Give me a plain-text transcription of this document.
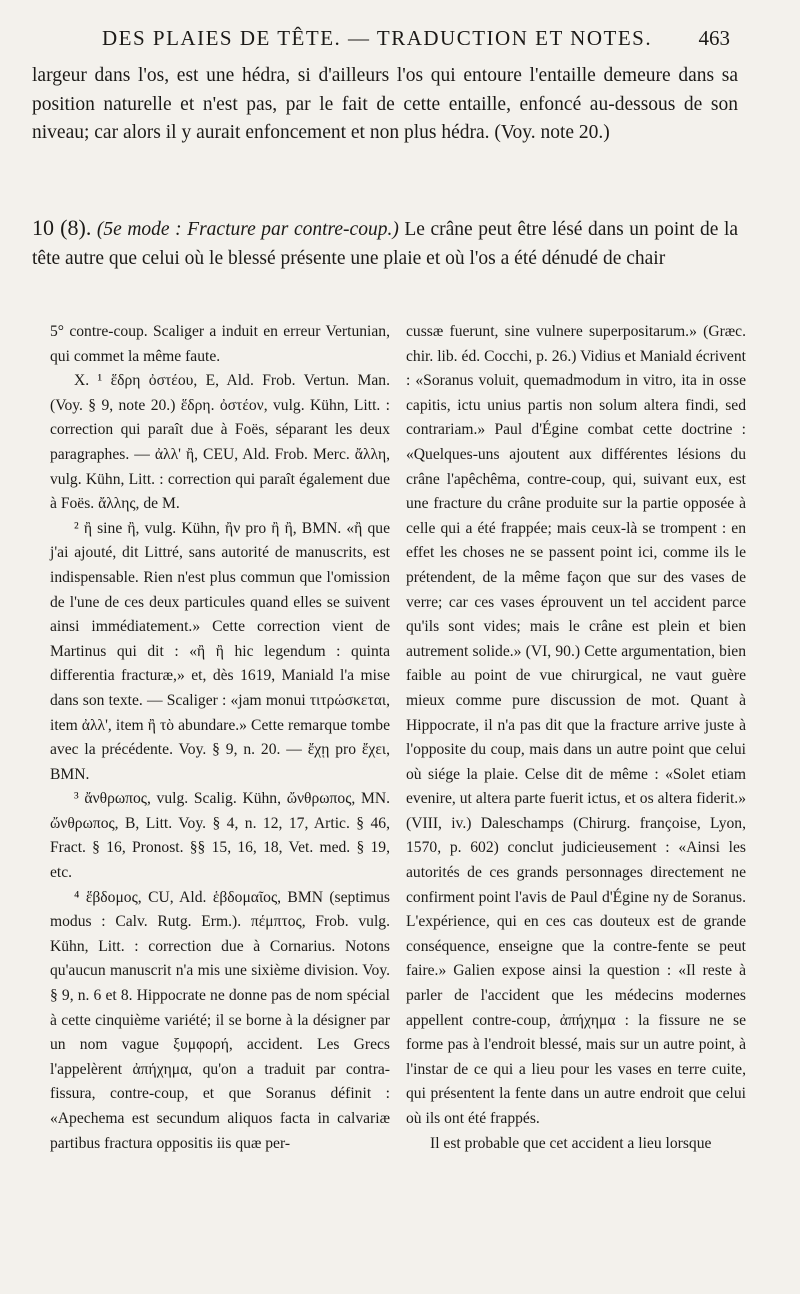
DES PLAIES DE TÊTE. — TRADUCTION ET NOTES. 463

largeur dans l'os, est une hédra, si d'ailleurs l'os qui entoure l'entaille demeure dans sa position naturelle et n'est pas, par le fait de cette entaille, enfoncé au-dessous de son niveau; car alors il y aurait enfoncement et non plus hédra. (Voy. note 20.)

10 (8). (5e mode : Fracture par contre-coup.) Le crâne peut être lésé dans un point de la tête autre que celui où le blessé présente une plaie et où l'os a été dénudé de chair

5° contre-coup. Scaliger a induit en erreur Vertunian, qui commet la même faute.

X. ¹ ἕδρη ὀστέου, E, Ald. Frob. Vertun. Man. (Voy. § 9, note 20.) ἕδρη. ὀστέον, vulg. Kühn, Litt. : correction qui paraît due à Foës, séparant les deux paragraphes. — ἀλλ' ἢ, CEU, Ald. Frob. Merc. ἄλλη, vulg. Kühn, Litt. : correction qui paraît également due à Foës. ἄλλης, de M.

² ἢ sine ἢ, vulg. Kühn, ἢν pro ἢ ἢ, BMN. «ἢ que j'ai ajouté, dit Littré, sans autorité de manuscrits, est indispensable. Rien n'est plus commun que l'omission de l'une de ces deux particules quand elles se suivent ainsi immédiatement.» Cette correction vient de Martinus qui dit : «ἢ ἢ hic legendum : quinta differentia fracturæ,» et, dès 1619, Maniald l'a mise dans son texte. — Scaliger : «jam monui τιτρώσκεται, item ἀλλ', item ἢ τὸ abundare.» Cette remarque tombe avec la précédente. Voy. § 9, n. 20. — ἔχῃ pro ἔχει, BMN.

³ ἄνθρωπος, vulg. Scalig. Kühn, ὤνθρωπος, MN. ὤνθρωπος, B, Litt. Voy. § 4, n. 12, 17, Artic. § 46, Fract. § 16, Pronost. §§ 15, 16, 18, Vet. med. § 19, etc.

⁴ ἕβδομος, CU, Ald. ἑβδομαῖος, BMN (septimus modus : Calv. Rutg. Erm.). πέμπτος, Frob. vulg. Kühn, Litt. : correction due à Cornarius. Notons qu'aucun manuscrit n'a mis une sixième division. Voy. § 9, n. 6 et 8. Hippocrate ne donne pas de nom spécial à cette cinquième variété; il se borne à la désigner par un nom vague ξυμφορή, accident. Les Grecs l'appelèrent ἀπήχημα, qu'on a traduit par contra-fissura, contre-coup, et que Soranus définit : «Apechema est secundum aliquos facta in calvariæ partibus fractura oppositis iis quæ per-

cussæ fuerunt, sine vulnere superpositarum.» (Græc. chir. lib. éd. Cocchi, p. 26.) Vidius et Maniald écrivent : «Soranus voluit, quemadmodum in vitro, ita in osse capitis, ictu unius partis non solum altera findi, sed contrariam.» Paul d'Égine combat cette doctrine : «Quelques-uns ajoutent aux différentes lésions du crâne l'apêchêma, contre-coup, qui, suivant eux, est une fracture du crâne produite sur la partie opposée à celle qui a été frappée; mais ceux-là se trompent : en effet les choses ne se passent point ici, comme ils le prétendent, de la même façon que sur des vases de verre; car ces vases éprouvent un tel accident parce qu'ils sont vides; mais le crâne est plein et bien autrement solide.» (VI, 90.) Cette argumentation, bien faible au point de vue chirurgical, ne vaut guère mieux comme pure discussion de mot. Quant à Hippocrate, il n'a pas dit que la fracture arrive juste à l'opposite du coup, mais dans un autre point que celui où siége la plaie. Celse dit de même : «Solet etiam evenire, ut altera parte fuerit ictus, et os altera fiderit.» (VIII, iv.) Daleschamps (Chirurg. françoise, Lyon, 1570, p. 602) conclut judicieusement : «Ainsi les autorités de ces grands personnages directement ne confirment point l'avis de Paul d'Égine ny de Soranus. L'expérience, qui en ces cas douteux est de grande conséquence, enseigne que la contre-fente se peut faire.» Galien expose ainsi la question : «Il reste à parler de l'accident que les médecins modernes appellent contre-coup, ἀπήχημα : la fissure ne se forme pas à l'endroit blessé, mais sur un autre point, à l'instar de ce qui a lieu pour les vases en terre cuite, qui présentent la fente dans un autre endroit que celui où ils ont été frappés.

Il est probable que cet accident a lieu lorsque
